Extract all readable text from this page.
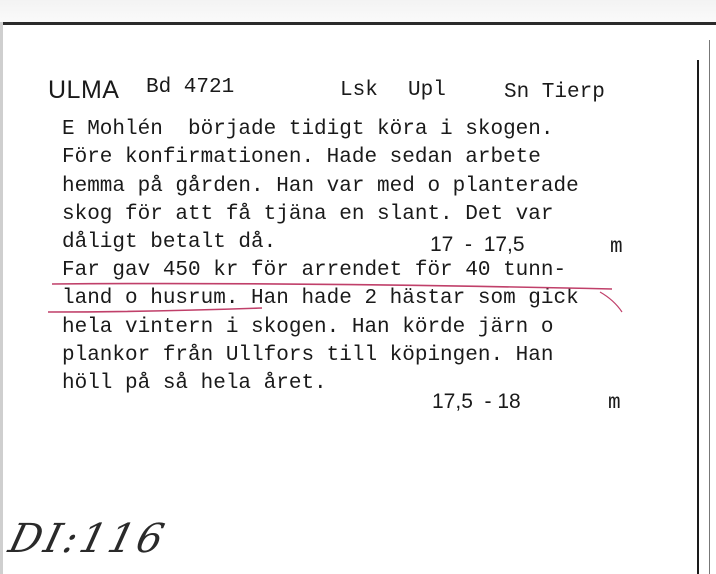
ULMA Bd 4721	Lsk Upl	Sn Tierp
E Mohlén  började tidigt köra i skogen.
Före konfirmationen. Hade sedan arbete
hemma på gården. Han var med o planterade
skog för att få tjäna en slant. Det var
dåligt betalt då.	17  -  17,5	m
Far gav 450 kr för arrendet för 40 tunn-
land o husrum. Han hade 2 hästar som gick
hela vintern i skogen. Han körde järn o
plankor från Ullfors till köpingen. Han
höll på så hela året.
17,5  - 18	m
DI:116
